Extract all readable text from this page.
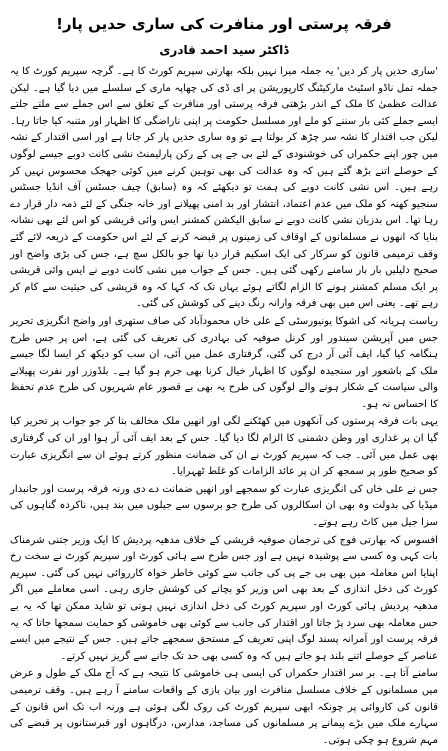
فرقہ پرستی اور منافرت کی ساری حدیں پار!
ڈاکٹر سید احمد قادری

'ساری حدیں پار کر دیں' یہ جملہ میرا نہیں بلکہ بھارتی سپریم کورٹ کا ہے۔ گرچہ سپریم کورٹ کا یہ جملہ تمل ناڈو اسٹیٹ مارکیٹنگ کارپوریشن پر ای ڈی کی چھاپہ ماری کے سلسلے میں دیا گیا ہے۔ لیکن عدالت عظمیٰ کا ملک کے اندر بڑھتی فرقہ پرستی اور منافرت کے تعلق سے اس جملے سے ملتے جلتے ایسے جملے کئی بار سننے کو ملے اور مسلسل حکومت پر اپنی ناراضگی کا اظہار اور متنبہ کیا جاتا رہا۔ لیکن جب اقتدار کا نشہ سر چڑھ کر بولتا ہے تو وہ ساری حدیں پار کر جاتا ہے اور اسی اقتدار کے نشہ میں چور اپنے حکمراں کی خوشنودی کے لئے بی جے پی کے رکن پارلیمنٹ نشی کانت دوبے جیسے لوگوں کے حوصلے اتنے بڑھ گئے ہیں کہ وہ عدالت کی بھی توہین کرنے میں کوئی جھجک محسوس نہیں کر رہے ہیں۔ اس نشی کانت دوبے کی ہمت تو دیکھئے کہ وہ (سابق) چیف جسٹس آف انڈیا جسٹس سنجیو کھنہ کو ملک میں عدم اعتماد، انتشار اور بد امنی پھیلانے اور خانہ جنگی کے لئے ذمہ دار قرار دے رہا تھا۔ اس بدزبان نشی کانت دوبے نے سابق الیکشن کمشنر ایس وائی قریشی کو اس لئے بھی نشانہ بنایا کہ انھوں نے مسلمانوں کے اوقاف کی زمینوں پر قبضہ کرنے کے لئے اس حکومت کے ذریعہ لائے گئے وقف ترمیمی قانون کو سرکار کی ایک اسکیم قرار دیا تھا جو بالکل سچ ہے، جس کی بڑی واضح اور صحیح دلیلیں بار بار سامنے رکھی گئی ہیں۔ جس کے جواب میں نشی کانت دوبے نے ایس وائی قریشی پر ایک مسلم کمشنر ہونے کا الزام لگاتے ہوئے یہاں تک کہ کہا کہ وہ قریشی کی حیثیت سے کام کر رہے تھے۔ یعنی اس میں بھی فرقہ وارانہ رنگ دینے کی کوشش کی گئی۔

ریاست ہریانہ کی اشوکا یونیورسٹی کے علی خاں محمودآباد کی صاف ستھری اور واضح انگریزی تحریر جس میں آپریشن سیندور اور کرنل صوفیہ کی بہادری کی تعریف کی گئی ہے، اس پر جس طرح ہنگامہ کیا گیا، ایف آئی آر درج کی گئی، گرفتاری عمل میں آئی، ان سب کو دیکھ کر ایسا لگا جیسے ملک کے باشعور اور سنجیدہ لوگوں کا اظہار خیال کرنا بھی جرم ہو گیا ہے۔ بلڈوزر اور نفرت پھیلانے والی سیاست کے شکار ہونے والے لوگوں کی طرح یہ بھی بے قصور عام شہریوں کی طرح عدم تحفظ کا احساس نہ ہو۔

یہی بات فرقہ پرستوں کی آنکھوں میں کھٹکنے لگی اور انھیں ملک مخالف بتا کر جو جواب پر تحریر کیا گیا ان پر غداری اور وطن دشمنی کا الزام لگا دیا گیا۔ جس کے بعد ایف آئی آر ہوا اور ان کی گرفتاری بھی عمل میں آئی۔ جب کہ سپریم کورٹ نے ان کی ضمانت منظور کرتے ہوئے ان سے انگریزی عبارت کو صحیح طور پر سمجھ کر ان پر عائد الزامات کو غلط ٹھہرایا۔

جس نے علی خاں کی انگریزی عبارت کو سمجھے اور انھیں ضمانت دے دی ورنہ فرقہ پرست اور جانبدار میڈیا کی بدولت وہ بھی ان اسکالروں کی طرح جو برسوں سے جیلوں میں بند ہیں، ناکردہ گناہوں کی سزا جیل میں کاٹ رہے ہوتے۔

افسوس کہ بھارتی فوج کی ترجمان صوفیہ قریشی کے خلاف مدھیہ پردیش کا ایک وزیر جتنی شرمناک بات کہی وہ کسی سے پوشیدہ نہیں ہے اور جس طرح سے ہائی کورٹ اور سپریم کورٹ نے سخت رخ اپنایا اس معاملہ میں بھی بی جے پی کی جانب سے کوئی خاطر خواہ کارروائی نہیں کی گئی۔ سپریم کورٹ کی دخل اندازی کے بعد بھی اس وزیر کو بچانے کی کوشش جاری رہی۔ اسی معاملے میں اگر مدھیہ پردیش ہائی کورٹ اور سپریم کورٹ کی دخل اندازی نہیں ہوتی تو شاید ممکن تھا کہ یہ بے حس معاملہ بھی سرد پڑ جاتا اور اقتدار کی جانب سے کوئی بھی خاموشی کو حمایت سمجھا جاتا کہ یہ فرقہ پرست اور آمرانہ پسند لوگ اپنی تعریف کے مستحق سمجھے جاتے ہیں۔ جس کے نتیجے میں ایسے عناصر کے حوصلے اتنے بلند ہو جاتے ہیں کہ وہ کسی بھی حد تک جانے سے گریز نہیں کرتے۔

سامنے آتا ہے۔ بر سر اقتدار حکمراں کی ایسی ہی خاموشی کا نتیجہ ہے کہ آج ملک کے طول و عرض میں مسلمانوں کے خلاف مسلسل منافرت اور بیان بازی کے واقعات سامنے آ رہے ہیں۔ وقف ترمیمی قانون کی کاروائی پر چونکہ ابھی سپریم کورٹ کی روک لگی ہوئی ہے ورنہ اب تک اس قانون کے سہارے ملک میں بڑے پیمانے پر مسلمانوں کی مساجد، مدارس، درگاہوں اور قبرستانوں پر قبضے کی مہم شروع ہو چکی ہوتی۔
